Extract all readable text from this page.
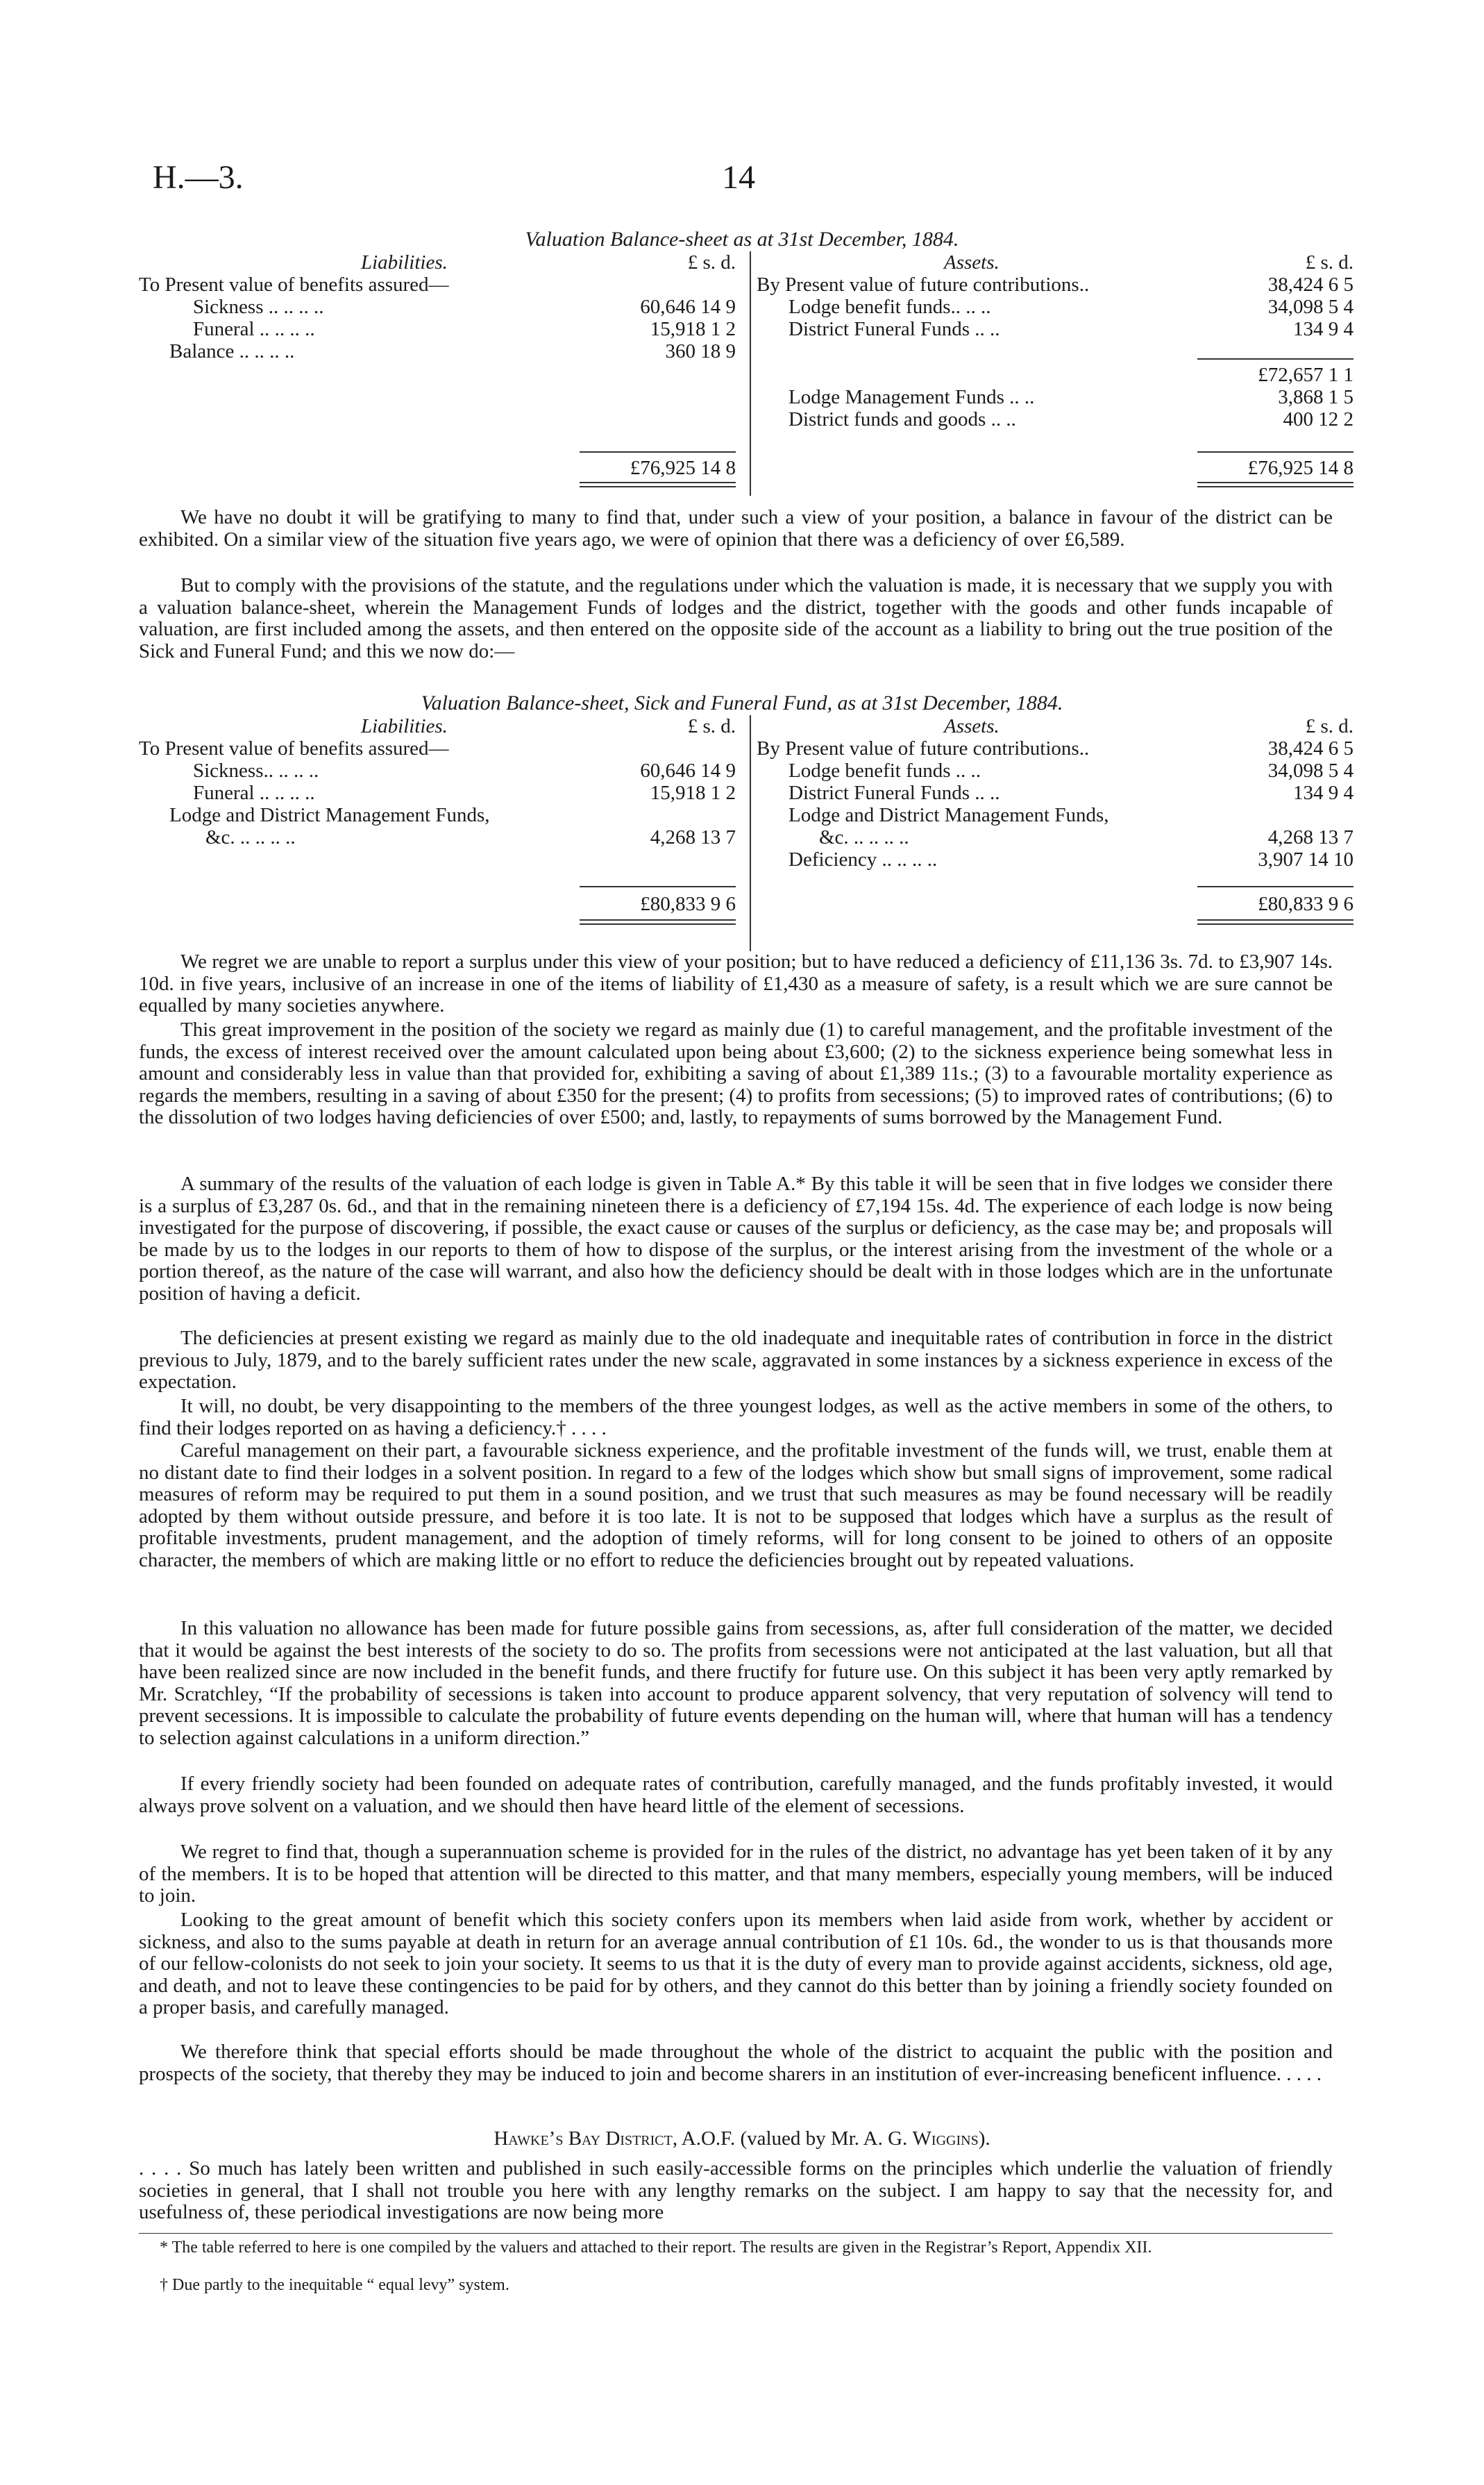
H.—3.	14
Valuation Balance-sheet as at 31st December, 1884.
Liabilities.	£ s. d.
To Present value of benefits assured—
Sickness .. .. .. ..	60,646 14 9
Funeral .. .. .. ..	15,918 1 2
Balance .. .. .. ..	360 18 9
£76,925 14 8
Assets.	£ s. d.
By Present value of future contributions..	38,424 6 5
Lodge benefit funds.. .. ..	34,098 5 4
District Funeral Funds .. ..	134 9 4
£72,657 1 1
Lodge Management Funds .. ..	3,868 1 5
District funds and goods .. ..	400 12 2
£76,925 14 8
We have no doubt it will be gratifying to many to find that, under such a view of your position, a balance in favour of the district can be exhibited. On a similar view of the situation five years ago, we were of opinion that there was a deficiency of over £6,589.
But to comply with the provisions of the statute, and the regulations under which the valuation is made, it is necessary that we supply you with a valuation balance-sheet, wherein the Management Funds of lodges and the district, together with the goods and other funds incapable of valuation, are first included among the assets, and then entered on the opposite side of the account as a liability to bring out the true position of the Sick and Funeral Fund; and this we now do:—
Valuation Balance-sheet, Sick and Funeral Fund, as at 31st December, 1884.
Liabilities.	£ s. d.
To Present value of benefits assured—
Sickness.. .. .. ..	60,646 14 9
Funeral .. .. .. ..	15,918 1 2
Lodge and District Management Funds,
&c. .. .. .. ..	4,268 13 7
£80,833 9 6
Assets.	£ s. d.
By Present value of future contributions..	38,424 6 5
Lodge benefit funds .. ..	34,098 5 4
District Funeral Funds .. ..	134 9 4
Lodge and District Management Funds,
&c. .. .. .. ..	4,268 13 7
Deficiency .. .. .. ..	3,907 14 10
£80,833 9 6
We regret we are unable to report a surplus under this view of your position; but to have reduced a deficiency of £11,136 3s. 7d. to £3,907 14s. 10d. in five years, inclusive of an increase in one of the items of liability of £1,430 as a measure of safety, is a result which we are sure cannot be equalled by many societies anywhere.
This great improvement in the position of the society we regard as mainly due (1) to careful management, and the profitable investment of the funds, the excess of interest received over the amount calculated upon being about £3,600; (2) to the sickness experience being somewhat less in amount and considerably less in value than that provided for, exhibiting a saving of about £1,389 11s.; (3) to a favourable mortality experience as regards the members, resulting in a saving of about £350 for the present; (4) to profits from secessions; (5) to improved rates of contributions; (6) to the dissolution of two lodges having deficiencies of over £500; and, lastly, to repayments of sums borrowed by the Management Fund.
A summary of the results of the valuation of each lodge is given in Table A.* By this table it will be seen that in five lodges we consider there is a surplus of £3,287 0s. 6d., and that in the remaining nineteen there is a deficiency of £7,194 15s. 4d. The experience of each lodge is now being investigated for the purpose of discovering, if possible, the exact cause or causes of the surplus or deficiency, as the case may be; and proposals will be made by us to the lodges in our reports to them of how to dispose of the surplus, or the interest arising from the investment of the whole or a portion thereof, as the nature of the case will warrant, and also how the deficiency should be dealt with in those lodges which are in the unfortunate position of having a deficit.
The deficiencies at present existing we regard as mainly due to the old inadequate and inequitable rates of contribution in force in the district previous to July, 1879, and to the barely sufficient rates under the new scale, aggravated in some instances by a sickness experience in excess of the expectation.
It will, no doubt, be very disappointing to the members of the three youngest lodges, as well as the active members in some of the others, to find their lodges reported on as having a deficiency.† . . . .
Careful management on their part, a favourable sickness experience, and the profitable investment of the funds will, we trust, enable them at no distant date to find their lodges in a solvent position. In regard to a few of the lodges which show but small signs of improvement, some radical measures of reform may be required to put them in a sound position, and we trust that such measures as may be found necessary will be readily adopted by them without outside pressure, and before it is too late. It is not to be supposed that lodges which have a surplus as the result of profitable investments, prudent management, and the adoption of timely reforms, will for long consent to be joined to others of an opposite character, the members of which are making little or no effort to reduce the deficiencies brought out by repeated valuations.
In this valuation no allowance has been made for future possible gains from secessions, as, after full consideration of the matter, we decided that it would be against the best interests of the society to do so. The profits from secessions were not anticipated at the last valuation, but all that have been realized since are now included in the benefit funds, and there fructify for future use. On this subject it has been very aptly remarked by Mr. Scratchley, “If the probability of secessions is taken into account to produce apparent solvency, that very reputation of solvency will tend to prevent secessions. It is impossible to calculate the probability of future events depending on the human will, where that human will has a tendency to selection against calculations in a uniform direction.”
If every friendly society had been founded on adequate rates of contribution, carefully managed, and the funds profitably invested, it would always prove solvent on a valuation, and we should then have heard little of the element of secessions.
We regret to find that, though a superannuation scheme is provided for in the rules of the district, no advantage has yet been taken of it by any of the members. It is to be hoped that attention will be directed to this matter, and that many members, especially young members, will be induced to join.
Looking to the great amount of benefit which this society confers upon its members when laid aside from work, whether by accident or sickness, and also to the sums payable at death in return for an average annual contribution of £1 10s. 6d., the wonder to us is that thousands more of our fellow-colonists do not seek to join your society. It seems to us that it is the duty of every man to provide against accidents, sickness, old age, and death, and not to leave these contingencies to be paid for by others, and they cannot do this better than by joining a friendly society founded on a proper basis, and carefully managed.
We therefore think that special efforts should be made throughout the whole of the district to acquaint the public with the position and prospects of the society, that thereby they may be induced to join and become sharers in an institution of ever-increasing beneficent influence. . . . .
Hawke’s Bay District, A.O.F. (valued by Mr. A. G. Wiggins).
. . . . So much has lately been written and published in such easily-accessible forms on the principles which underlie the valuation of friendly societies in general, that I shall not trouble you here with any lengthy remarks on the subject. I am happy to say that the necessity for, and usefulness of, these periodical investigations are now being more
* The table referred to here is one compiled by the valuers and attached to their report. The results are given in the Registrar’s Report, Appendix XII.
† Due partly to the inequitable “ equal levy” system.
